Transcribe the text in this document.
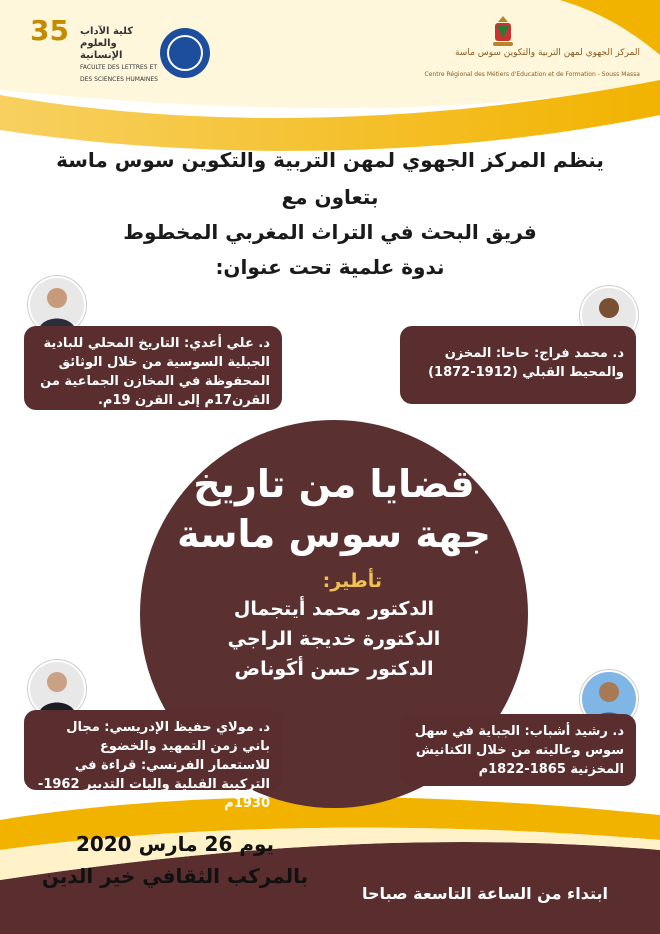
35	كلية الآداب والعلوم الإنسانية
FACULTE DES LETTRES ET DES SCIENCES HUMAINES
المركز الجهوي لمهن التربية والتكوين سوس ماسة
Centre Régional des Métiers d'Education et de Formation - Souss Massa
ينظم المركز الجهوي لمهن التربية والتكوين سوس ماسة
بتعاون مع
فريق البحث في التراث المغربي المخطوط
ندوة علمية تحت عنوان:
د. علي أعدي: التاريخ المحلي للبادية الجبلية السوسية من خلال الوثائق المحفوظة في المخازن الجماعية من القرن17م إلى القرن 19م.
د. محمد فراج: حاحا: المخزن والمحيط القبلي (1912-1872)
قضايا من تاريخ
جهة سوس ماسة
تأطير:
الدكتور محمد أيتجمال
الدكتورة خديجة الراجي
الدكتور حسن أكَوناض
د. مولاي حفيظ الإدريسي: مجال باني زمن التمهيد والخضوع للاستعمار الفرنسي: قراءة في التركيبة القبلية واليات التدبير 1962-1930م
د. رشيد أشباب: الجباية في سهل سوس وعاليته من خلال الكنانيش المخزنية 1865-1822م
يوم 26 مارس 2020
بالمركب الثقافي خير الدين
ابتداء من الساعة التاسعة صباحا
